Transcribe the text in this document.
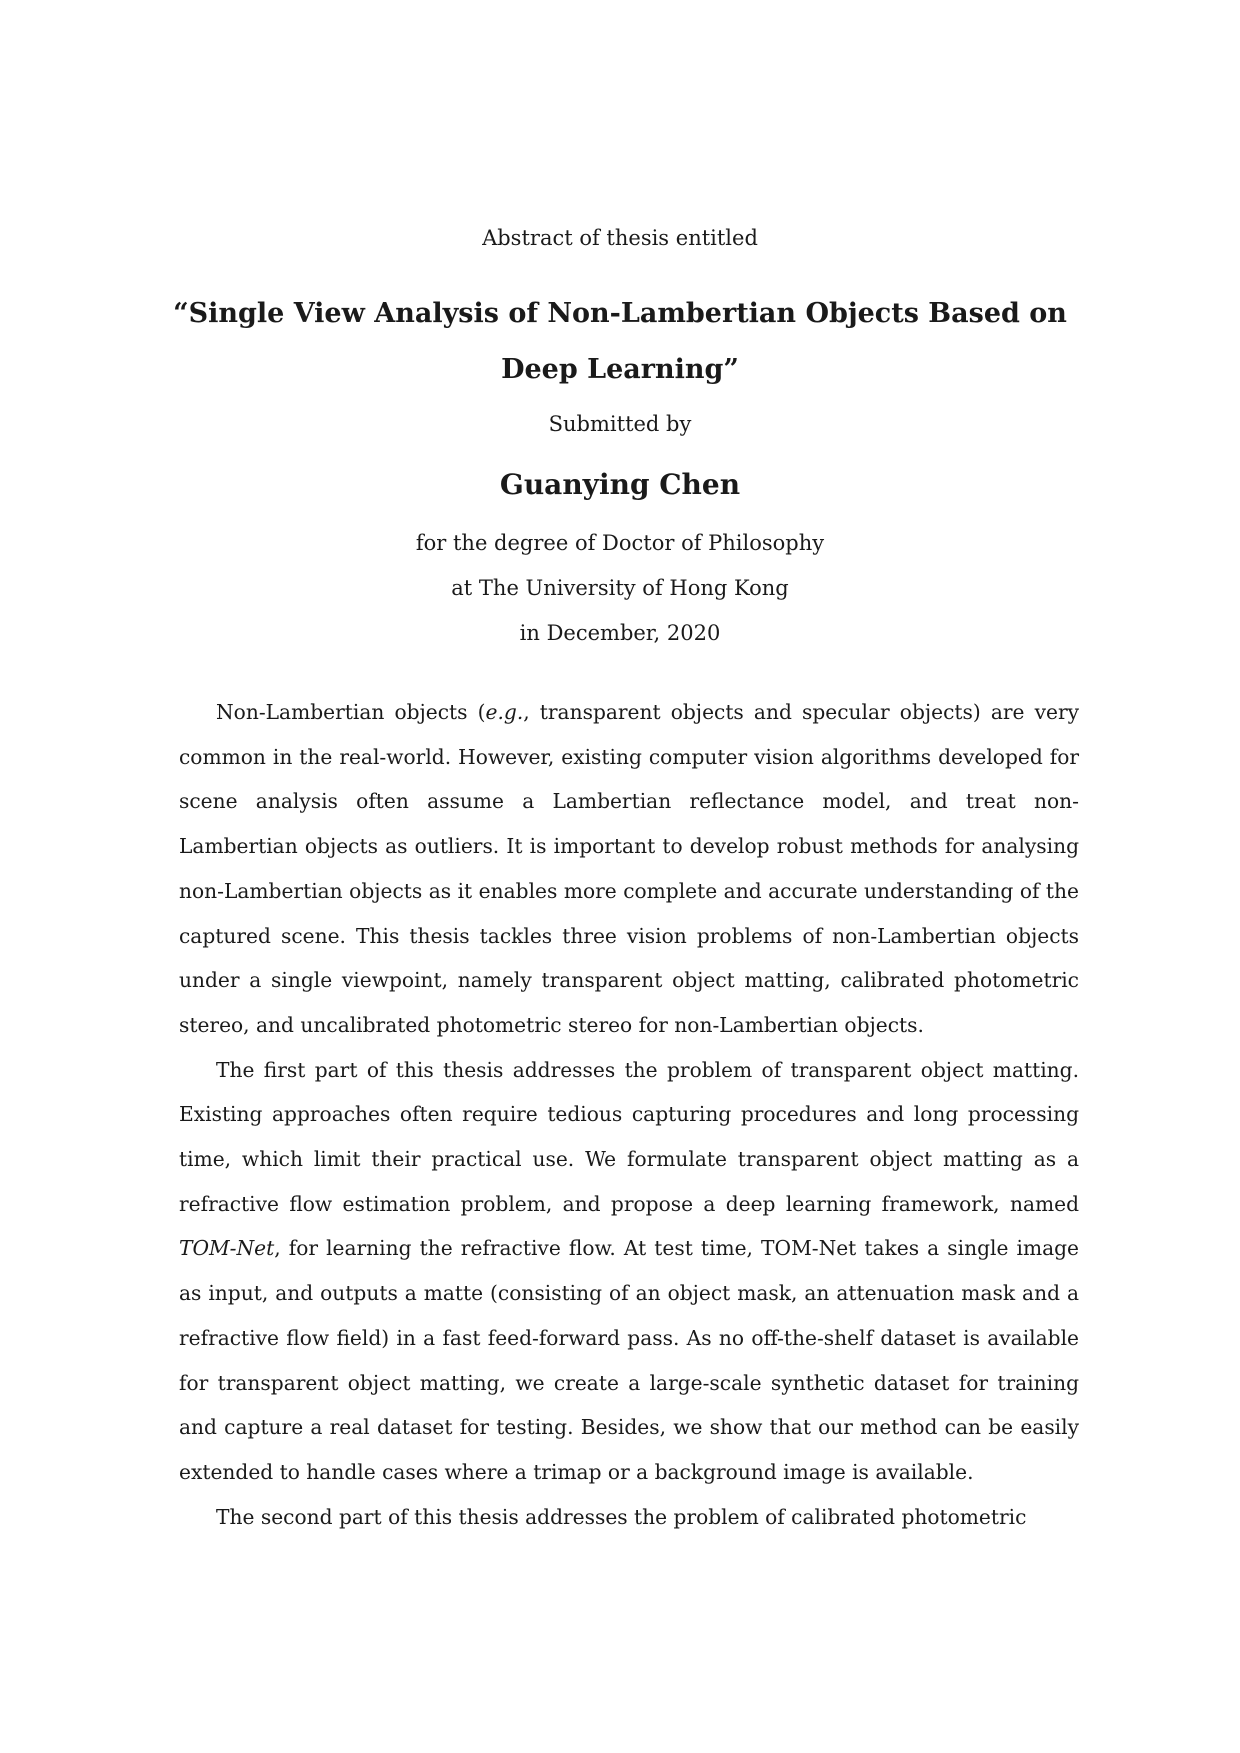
Abstract of thesis entitled
“Single View Analysis of Non-Lambertian Objects Based on Deep Learning”
Submitted by
Guanying Chen
for the degree of Doctor of Philosophy
at The University of Hong Kong
in December, 2020

Non-Lambertian objects (e.g., transparent objects and specular objects) are very common in the real-world. However, existing computer vision algorithms developed for scene analysis often assume a Lambertian reflectance model, and treat non-Lambertian objects as outliers. It is important to develop robust methods for analysing non-Lambertian objects as it enables more complete and accurate understanding of the captured scene. This thesis tackles three vision problems of non-Lambertian objects under a single viewpoint, namely transparent object matting, calibrated photometric stereo, and uncalibrated photometric stereo for non-Lambertian objects.

The first part of this thesis addresses the problem of transparent object matting. Existing approaches often require tedious capturing procedures and long processing time, which limit their practical use. We formulate transparent object matting as a refractive flow estimation problem, and propose a deep learning framework, named TOM-Net, for learning the refractive flow. At test time, TOM-Net takes a single image as input, and outputs a matte (consisting of an object mask, an attenuation mask and a refractive flow field) in a fast feed-forward pass. As no off-the-shelf dataset is available for transparent object matting, we create a large-scale synthetic dataset for training and capture a real dataset for testing. Besides, we show that our method can be easily extended to handle cases where a trimap or a background image is available.

The second part of this thesis addresses the problem of calibrated photometric
